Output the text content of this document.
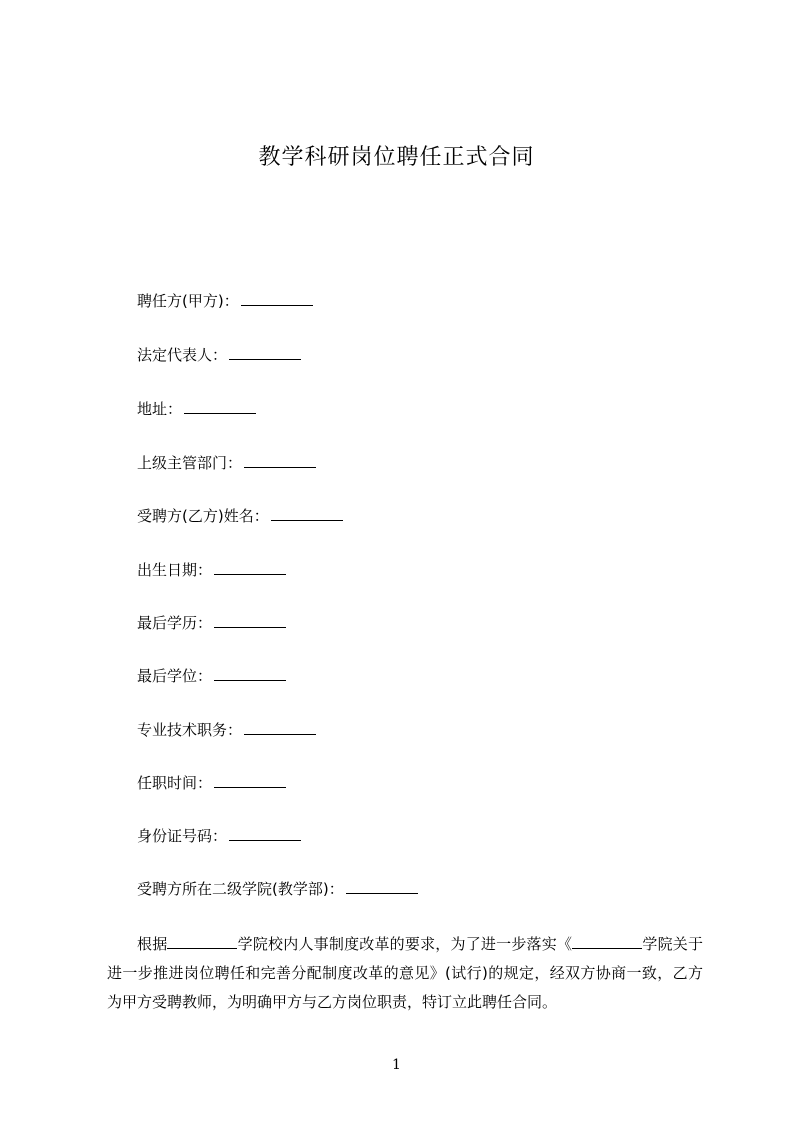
教学科研岗位聘任正式合同
聘任方(甲方)：
法定代表人：
地址：
上级主管部门：
受聘方(乙方)姓名：
出生日期：
最后学历：
最后学位：
专业技术职务：
任职时间：
身份证号码：
受聘方所在二级学院(教学部)：
根据	学院校内人事制度改革的要求，为了进一步落实《	学院关于进一步推进岗位聘任和完善分配制度改革的意见》(试行)的规定，经双方协商一致，乙方为甲方受聘教师，为明确甲方与乙方岗位职责，特订立此聘任合同。
1
